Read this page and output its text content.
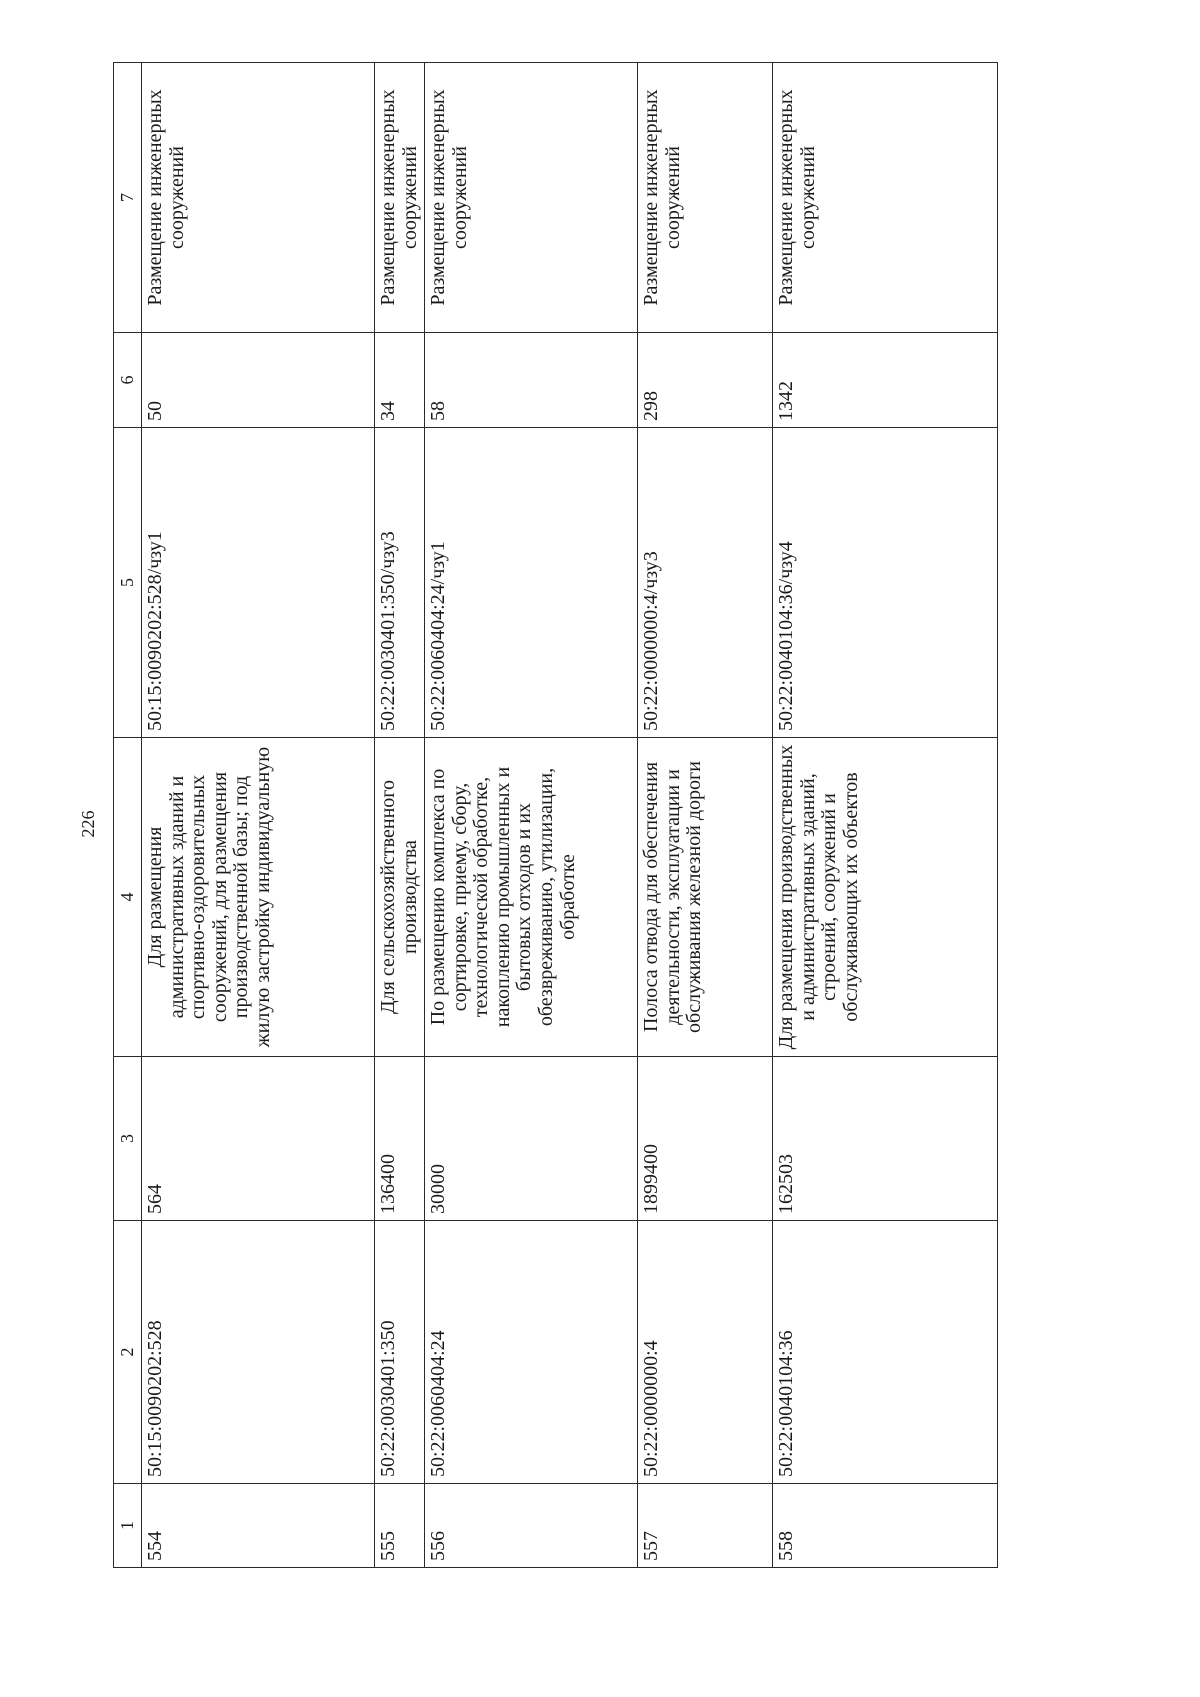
226
1	2	3	4	5	6	7
554	50:15:0090202:528	564	Для размещения административных зданий и спортивно-оздоровительных сооружений, для размещения производственной базы; под жилую застройку индивидуальную	50:15:0090202:528/чзу1	50	Размещение инженерных сооружений
555	50:22:0030401:350	136400	Для сельскохозяйственного производства	50:22:0030401:350/чзу3	34	Размещение инженерных сооружений
556	50:22:0060404:24	30000	По размещению комплекса по сортировке, приему, сбору, технологической обработке, накоплению промышленных и бытовых отходов и их обезвреживанию, утилизации, обработке	50:22:0060404:24/чзу1	58	Размещение инженерных сооружений
557	50:22:0000000:4	1899400	Полоса отвода для обеспечения деятельности, эксплуатации и обслуживания железной дороги	50:22:0000000:4/чзу3	298	Размещение инженерных сооружений
558	50:22:0040104:36	162503	Для размещения производственных и административных зданий, строений, сооружений и обслуживающих их объектов	50:22:0040104:36/чзу4	1342	Размещение инженерных сооружений
